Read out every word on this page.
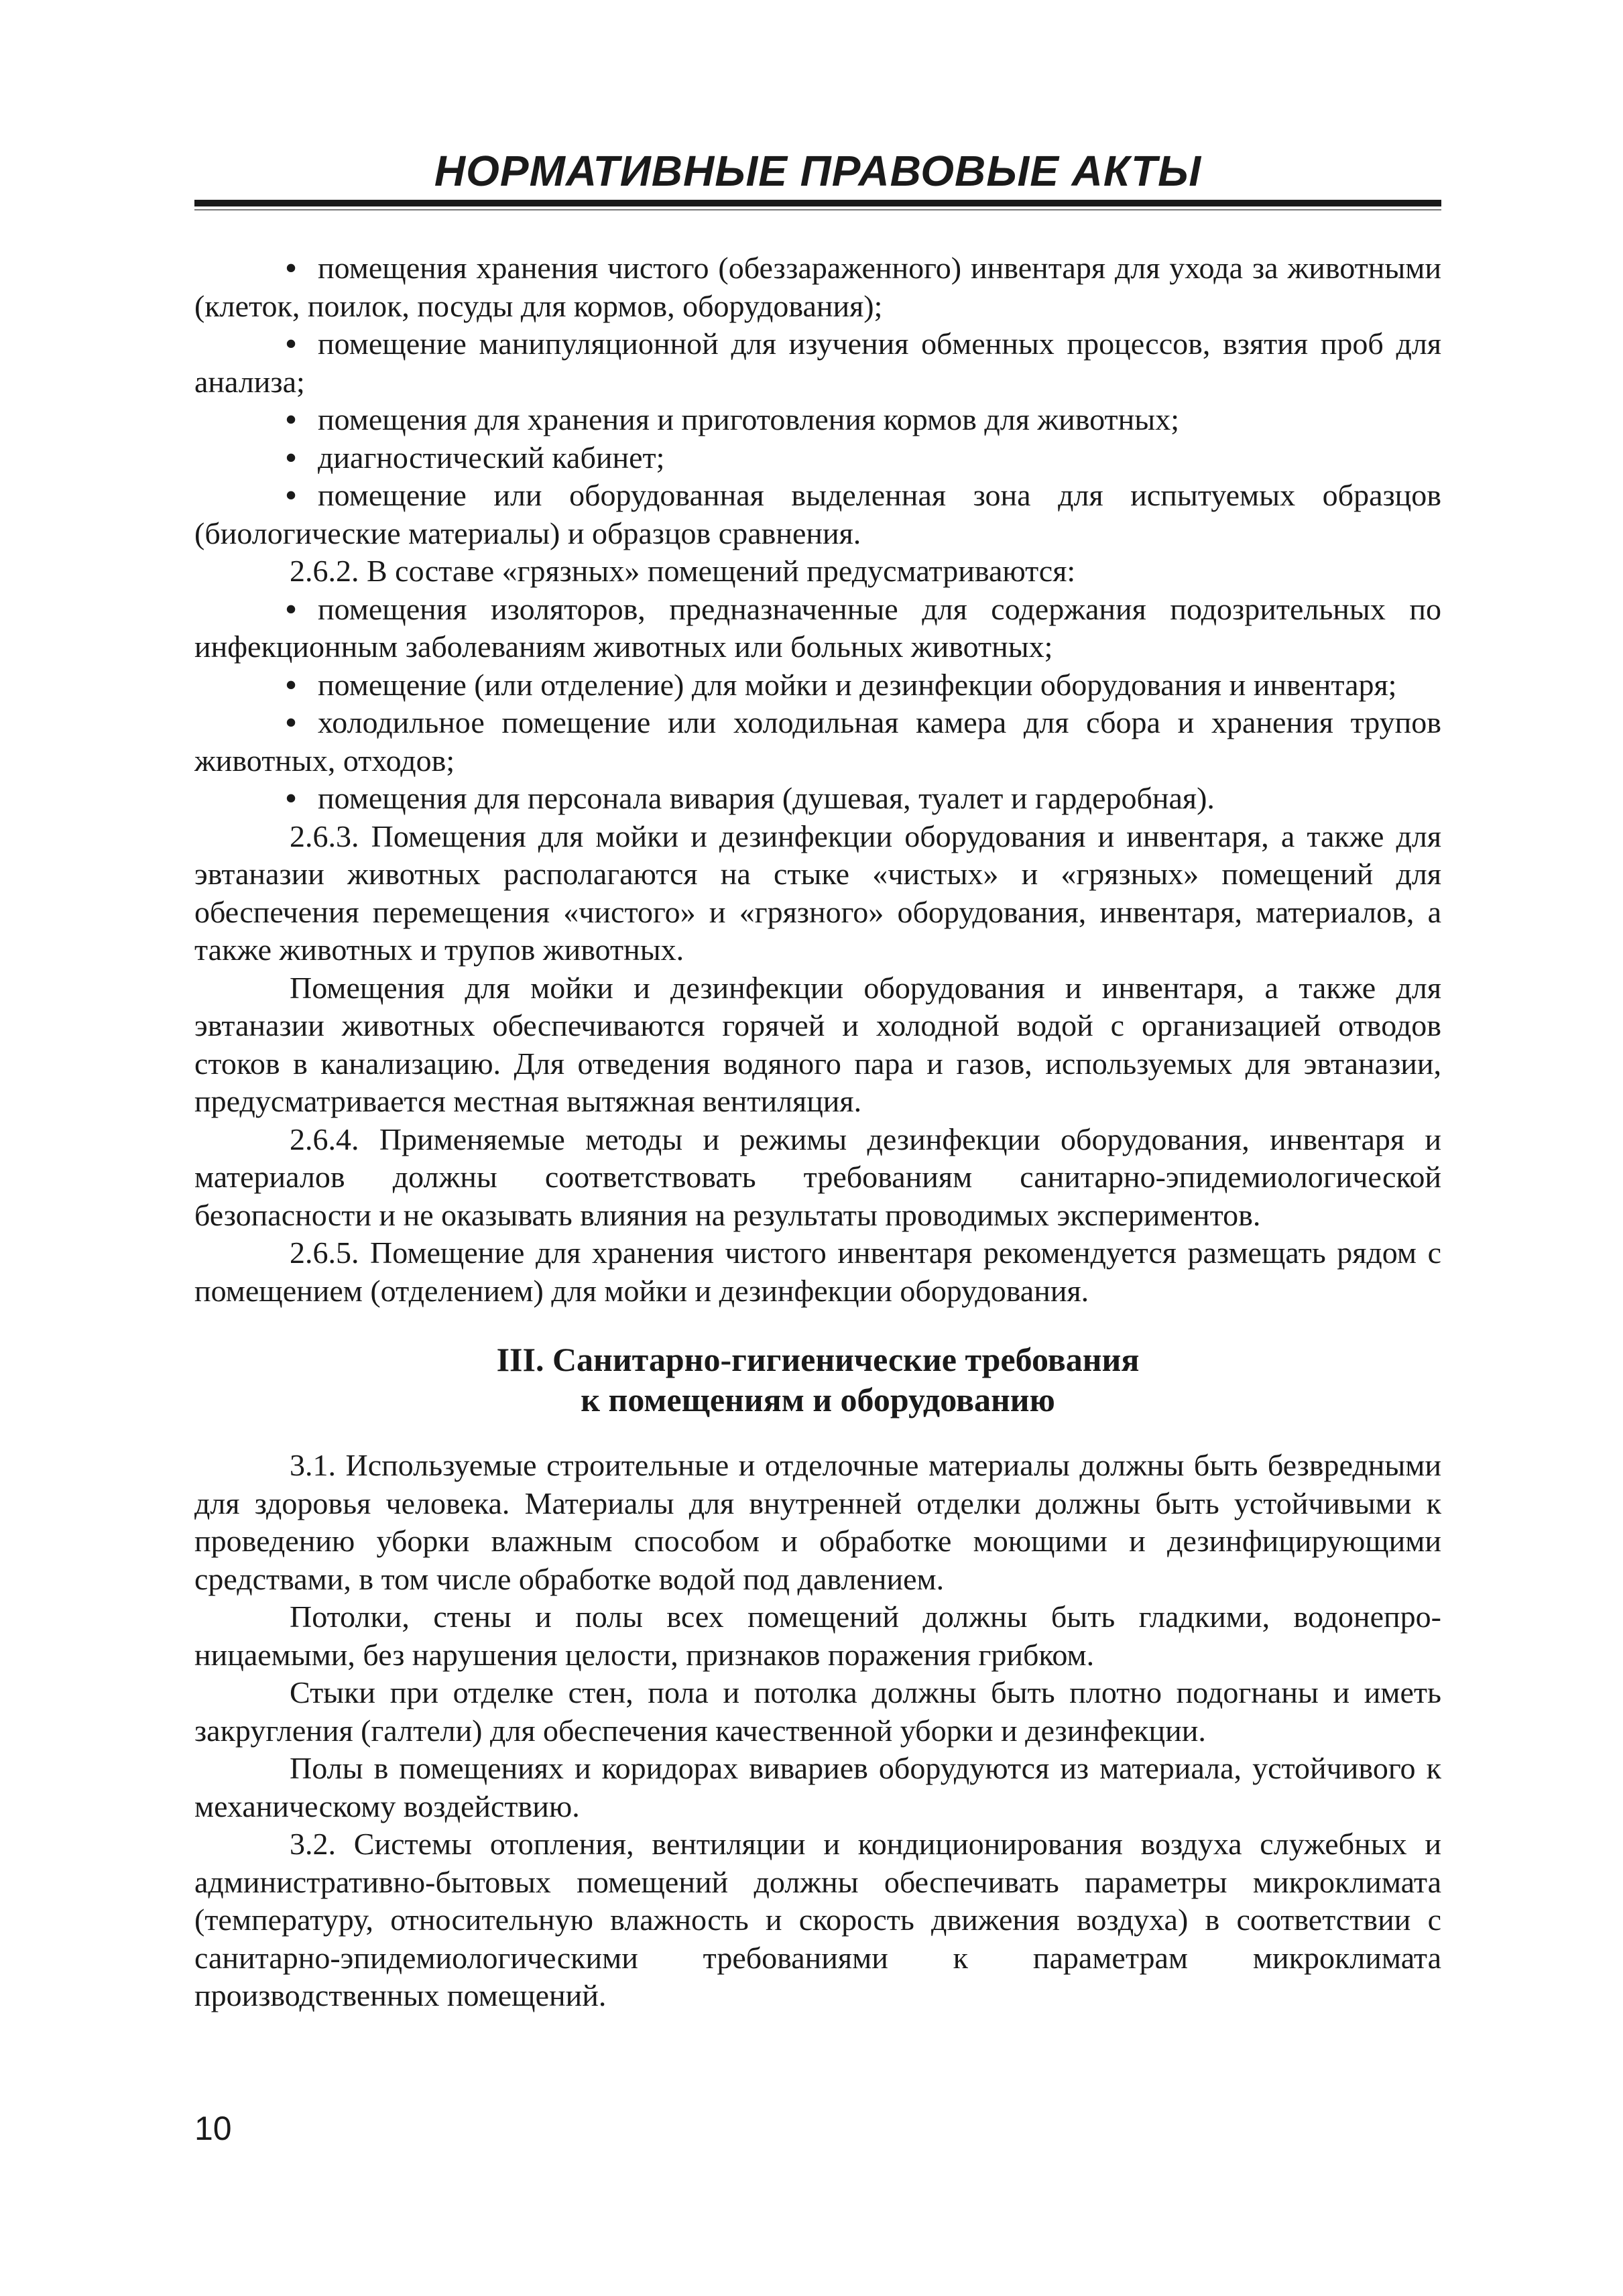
НОРМАТИВНЫЕ ПРАВОВЫЕ АКТЫ

• помещения хранения чистого (обеззараженного) инвентаря для ухода за животными (клеток, поилок, посуды для кормов, оборудования);

• помещение манипуляционной для изучения обменных процессов, взятия проб для анализа;

• помещения для хранения и приготовления кормов для животных;

• диагностический кабинет;

• помещение или оборудованная выделенная зона для испытуемых образцов (биологические материалы) и образцов сравнения.

2.6.2. В составе «грязных» помещений предусматриваются:

• помещения изоляторов, предназначенные для содержания подозрительных по инфекционным заболеваниям животных или больных животных;

• помещение (или отделение) для мойки и дезинфекции оборудования и инвентаря;

• холодильное помещение или холодильная камера для сбора и хранения трупов животных, отходов;

• помещения для персонала вивария (душевая, туалет и гардеробная).

2.6.3. Помещения для мойки и дезинфекции оборудования и инвентаря, а также для эвтаназии животных располагаются на стыке «чистых» и «грязных» помещений для обеспечения перемещения «чистого» и «грязного» оборудования, инвентаря, материалов, а также животных и трупов животных.

Помещения для мойки и дезинфекции оборудования и инвентаря, а также для эвтаназии животных обеспечиваются горячей и холодной водой с организацией отводов стоков в канализацию. Для отведения водяного пара и газов, используемых для эвтаназии, предусматривается местная вытяжная вентиляция.

2.6.4. Применяемые методы и режимы дезинфекции оборудования, инвентаря и материалов должны соответствовать требованиям санитарно-эпидемиологической безопасности и не оказывать влияния на результаты проводимых экспериментов.

2.6.5. Помещение для хранения чистого инвентаря рекомендуется размещать рядом с помещением (отделением) для мойки и дезинфекции оборудования.

III. Санитарно-гигиенические требования
к помещениям и оборудованию

3.1. Используемые строительные и отделочные материалы должны быть безвредными для здоровья человека. Материалы для внутренней отделки должны быть устойчивыми к проведению уборки влажным способом и обработке моющими и дезинфицирующими средствами, в том числе обработке водой под давлением.

Потолки, стены и полы всех помещений должны быть гладкими, водонепроницаемыми, без нарушения целости, признаков поражения грибком.

Стыки при отделке стен, пола и потолка должны быть плотно подогнаны и иметь закругления (галтели) для обеспечения качественной уборки и дезинфекции.

Полы в помещениях и коридорах вивариев оборудуются из материала, устойчивого к механическому воздействию.

3.2. Системы отопления, вентиляции и кондиционирования воздуха служебных и административно-бытовых помещений должны обеспечивать параметры микроклимата (температуру, относительную влажность и скорость движения воздуха) в соответствии с санитарно-эпидемиологическими требованиями к параметрам микроклимата производственных помещений.

10
